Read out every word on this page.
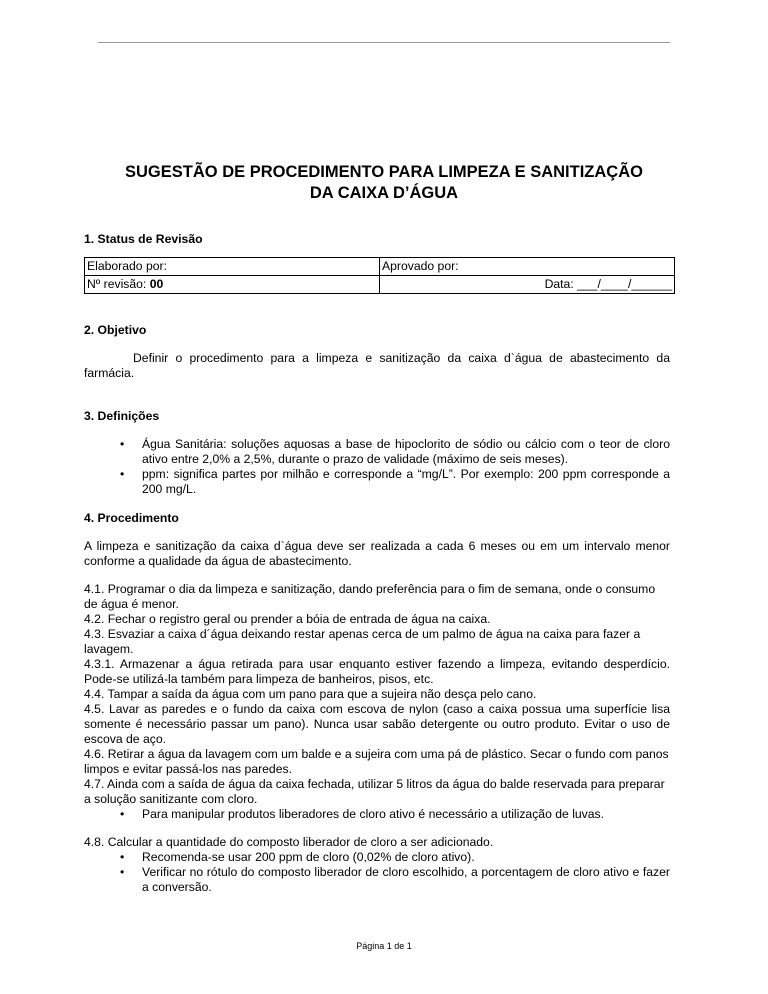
SUGESTÃO DE PROCEDIMENTO PARA LIMPEZA E SANITIZAÇÃO
DA CAIXA D’ÁGUA

1. Status de Revisão

Elaborado por:	Aprovado por:
Nº revisão: 00	Data: ___/____/______

2. Objetivo

Definir o procedimento para a limpeza e sanitização da caixa d`água de abastecimento da farmácia.

3. Definições

• Água Sanitária: soluções aquosas a base de hipoclorito de sódio ou cálcio com o teor de cloro ativo entre 2,0% a 2,5%, durante o prazo de validade (máximo de seis meses).
• ppm: significa partes por milhão e corresponde a “mg/L”. Por exemplo: 200 ppm corresponde a 200 mg/L.

4. Procedimento

A limpeza e sanitização da caixa d`água deve ser realizada a cada 6 meses ou em um intervalo menor conforme a qualidade da água de abastecimento.

4.1. Programar o dia da limpeza e sanitização, dando preferência para o fim de semana, onde o consumo de água é menor.

4.2. Fechar o registro geral ou prender a bóia de entrada de água na caixa.

4.3. Esvaziar a caixa d´água deixando restar apenas cerca de um palmo de água na caixa para fazer a lavagem.

4.3.1. Armazenar a água retirada para usar enquanto estiver fazendo a limpeza, evitando desperdício. Pode-se utilizá-la também para limpeza de banheiros, pisos, etc.

4.4. Tampar a saída da água com um pano para que a sujeira não desça pelo cano.

4.5. Lavar as paredes e o fundo da caixa com escova de nylon (caso a caixa possua uma superfície lisa somente é necessário passar um pano). Nunca usar sabão detergente ou outro produto. Evitar o uso de escova de aço.

4.6. Retirar a água da lavagem com um balde e a sujeira com uma pá de plástico. Secar o fundo com panos limpos e evitar passá-los nas paredes.

4.7. Ainda com a saída de água da caixa fechada, utilizar 5 litros da água do balde reservada para preparar a solução sanitizante com cloro.

• Para manipular produtos liberadores de cloro ativo é necessário a utilização de luvas.

4.8. Calcular a quantidade do composto liberador de cloro a ser adicionado.

• Recomenda-se usar 200 ppm de cloro (0,02% de cloro ativo).
• Verificar no rótulo do composto liberador de cloro escolhido, a porcentagem de cloro ativo e fazer a conversão.
Página 1 de 1
